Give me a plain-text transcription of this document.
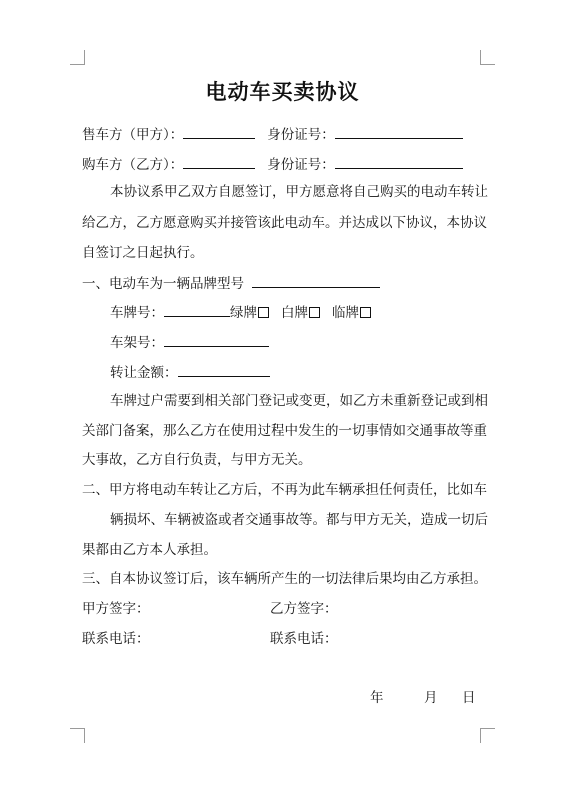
电动车买卖协议
售车方（甲方）：	身份证号：
购车方（乙方）：	身份证号：
本协议系甲乙双方自愿签订，甲方愿意将自己购买的电动车转让
给乙方，乙方愿意购买并接管该此电动车。并达成以下协议，本协议
自签订之日起执行。
一、电动车为一辆品牌型号
车牌号：	绿牌 白牌 临牌
车架号：
转让金额：
车牌过户需要到相关部门登记或变更，如乙方未重新登记或到相
关部门备案，那么乙方在使用过程中发生的一切事情如交通事故等重
大事故，乙方自行负责，与甲方无关。
二、甲方将电动车转让乙方后，不再为此车辆承担任何责任，比如车
辆损坏、车辆被盗或者交通事故等。都与甲方无关，造成一切后
果都由乙方本人承担。
三、自本协议签订后，该车辆所产生的一切法律后果均由乙方承担。
甲方签字：	乙方签字：
联系电话：	联系电话：
年	月 日
